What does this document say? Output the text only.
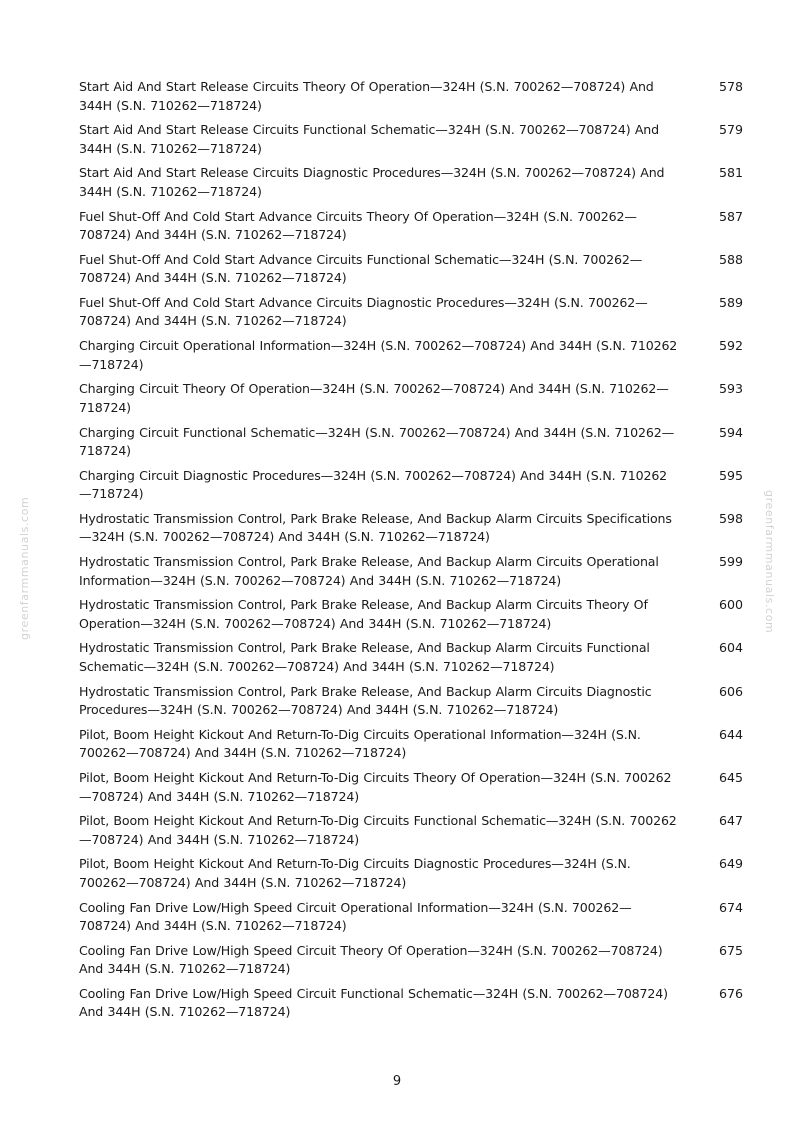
greenfarmmanuals.com	greenfarmmanuals.com
Start Aid And Start Release Circuits Theory Of Operation—324H (S.N. 700262—708724) And 344H (S.N. 710262—718724)
578
Start Aid And Start Release Circuits Functional Schematic—324H (S.N. 700262—708724) And 344H (S.N. 710262—718724)
579
Start Aid And Start Release Circuits Diagnostic Procedures—324H (S.N. 700262—708724) And 344H (S.N. 710262—718724)
581
Fuel Shut-Off And Cold Start Advance Circuits Theory Of Operation—324H (S.N. 700262—708724) And 344H (S.N. 710262—718724)
587
Fuel Shut-Off And Cold Start Advance Circuits Functional Schematic—324H (S.N. 700262—708724) And 344H (S.N. 710262—718724)
588
Fuel Shut-Off And Cold Start Advance Circuits Diagnostic Procedures—324H (S.N. 700262—708724) And 344H (S.N. 710262—718724)
589
Charging Circuit Operational Information—324H (S.N. 700262—708724) And 344H (S.N. 710262—718724)
592
Charging Circuit Theory Of Operation—324H (S.N. 700262—708724) And 344H (S.N. 710262—718724)
593
Charging Circuit Functional Schematic—324H (S.N. 700262—708724) And 344H (S.N. 710262—718724)
594
Charging Circuit Diagnostic Procedures—324H (S.N. 700262—708724) And 344H (S.N. 710262—718724)
595
Hydrostatic Transmission Control, Park Brake Release, And Backup Alarm Circuits Specifications—324H (S.N. 700262—708724) And 344H (S.N. 710262—718724)
598
Hydrostatic Transmission Control, Park Brake Release, And Backup Alarm Circuits Operational Information—324H (S.N. 700262—708724) And 344H (S.N. 710262—718724)
599
Hydrostatic Transmission Control, Park Brake Release, And Backup Alarm Circuits Theory Of Operation—324H (S.N. 700262—708724) And 344H (S.N. 710262—718724)
600
Hydrostatic Transmission Control, Park Brake Release, And Backup Alarm Circuits Functional Schematic—324H (S.N. 700262—708724) And 344H (S.N. 710262—718724)
604
Hydrostatic Transmission Control, Park Brake Release, And Backup Alarm Circuits Diagnostic Procedures—324H (S.N. 700262—708724) And 344H (S.N. 710262—718724)
606
Pilot, Boom Height Kickout And Return-To-Dig Circuits Operational Information—324H (S.N. 700262—708724) And 344H (S.N. 710262—718724)
644
Pilot, Boom Height Kickout And Return-To-Dig Circuits Theory Of Operation—324H (S.N. 700262—708724) And 344H (S.N. 710262—718724)
645
Pilot, Boom Height Kickout And Return-To-Dig Circuits Functional Schematic—324H (S.N. 700262—708724) And 344H (S.N. 710262—718724)
647
Pilot, Boom Height Kickout And Return-To-Dig Circuits Diagnostic Procedures—324H (S.N. 700262—708724) And 344H (S.N. 710262—718724)
649
Cooling Fan Drive Low/High Speed Circuit Operational Information—324H (S.N. 700262—708724) And 344H (S.N. 710262—718724)
674
Cooling Fan Drive Low/High Speed Circuit Theory Of Operation—324H (S.N. 700262—708724) And 344H (S.N. 710262—718724)
675
Cooling Fan Drive Low/High Speed Circuit Functional Schematic—324H (S.N. 700262—708724) And 344H (S.N. 710262—718724)
676
9
